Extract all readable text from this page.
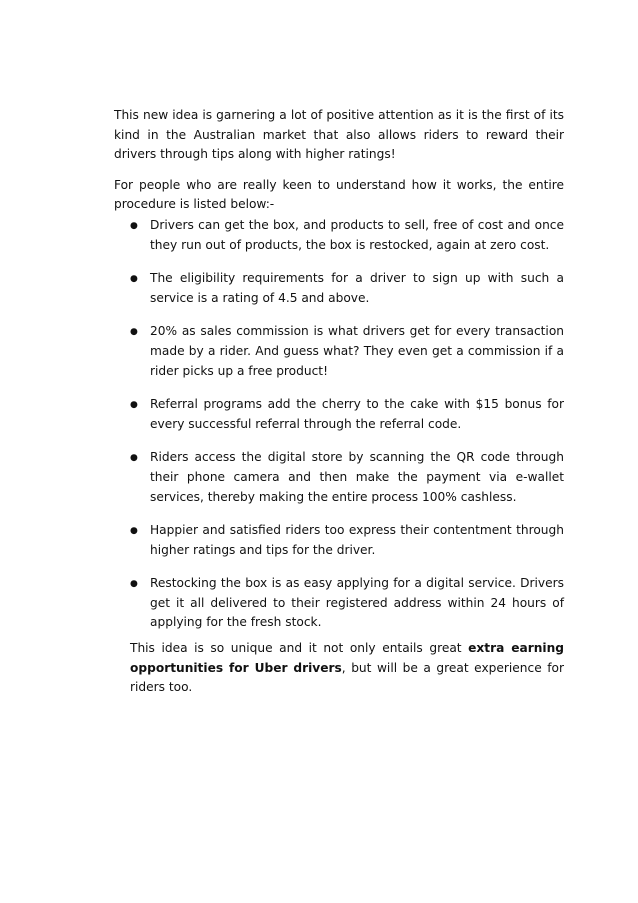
This new idea is garnering a lot of positive attention as it is the first of its kind in the Australian market that also allows riders to reward their drivers through tips along with higher ratings!

For people who are really keen to understand how it works, the entire procedure is listed below:-

● Drivers can get the box, and products to sell, free of cost and once they run out of products, the box is restocked, again at zero cost.

● The eligibility requirements for a driver to sign up with such a service is a rating of 4.5 and above.

● 20% as sales commission is what drivers get for every transaction made by a rider. And guess what? They even get a commission if a rider picks up a free product!

● Referral programs add the cherry to the cake with $15 bonus for every successful referral through the referral code.

● Riders access the digital store by scanning the QR code through their phone camera and then make the payment via e-wallet services, thereby making the entire process 100% cashless.

● Happier and satisfied riders too express their contentment through higher ratings and tips for the driver.

● Restocking the box is as easy applying for a digital service. Drivers get it all delivered to their registered address within 24 hours of applying for the fresh stock.

This idea is so unique and it not only entails great extra earning opportunities for Uber drivers, but will be a great experience for riders too.
